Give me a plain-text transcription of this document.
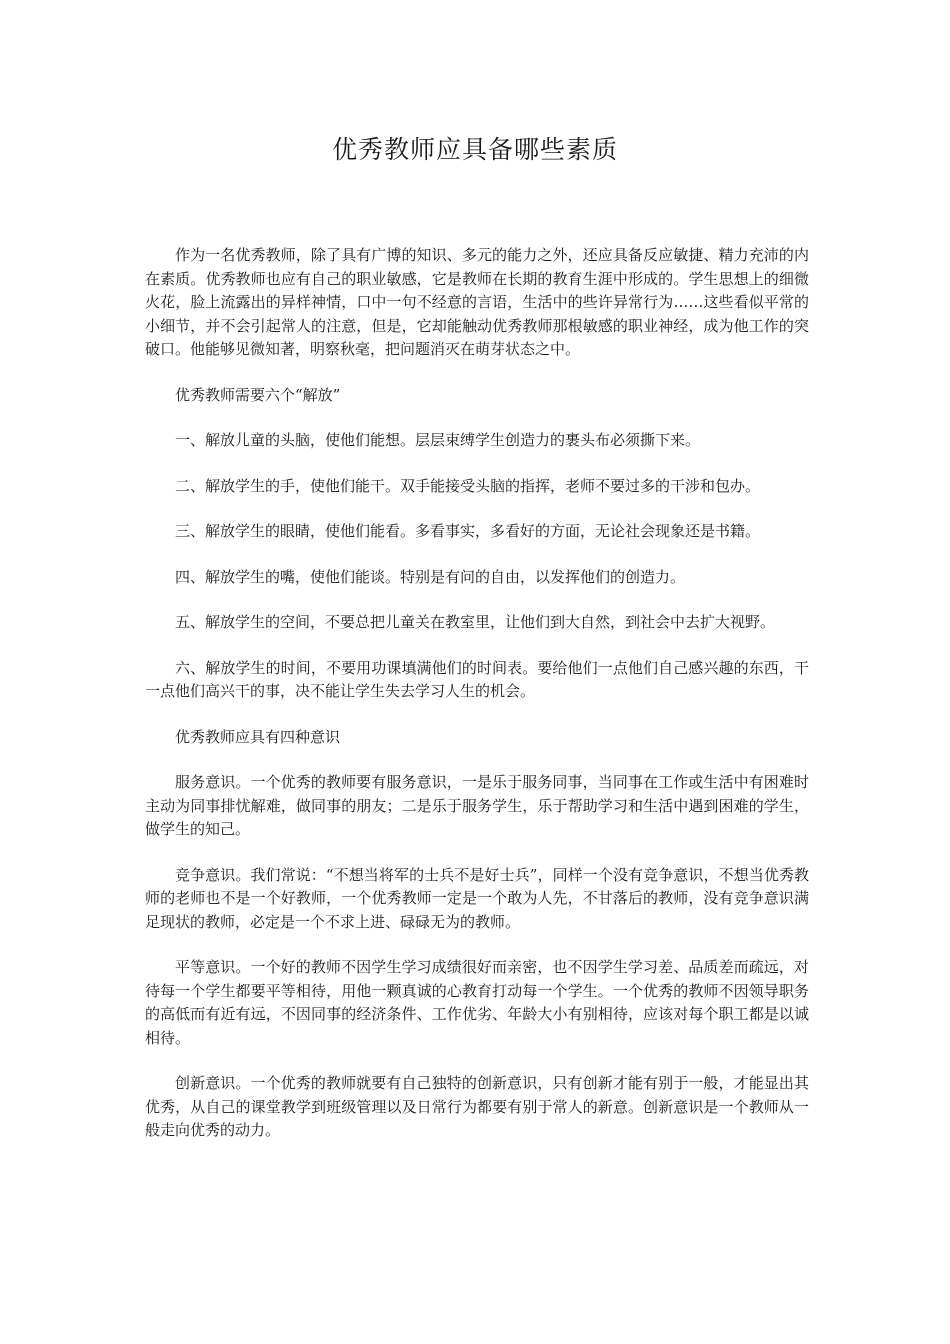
优秀教师应具备哪些素质

作为一名优秀教师，除了具有广博的知识、多元的能力之外，还应具备反应敏捷、精力充沛的内在素质。优秀教师也应有自己的职业敏感，它是教师在长期的教育生涯中形成的。学生思想上的细微火花，脸上流露出的异样神情，口中一句不经意的言语，生活中的些许异常行为……这些看似平常的小细节，并不会引起常人的注意，但是，它却能触动优秀教师那根敏感的职业神经，成为他工作的突破口。他能够见微知著，明察秋毫，把问题消灭在萌芽状态之中。

优秀教师需要六个“解放”

一、解放儿童的头脑，使他们能想。层层束缚学生创造力的裹头布必须撕下来。

二、解放学生的手，使他们能干。双手能接受头脑的指挥，老师不要过多的干涉和包办。

三、解放学生的眼睛，使他们能看。多看事实，多看好的方面，无论社会现象还是书籍。

四、解放学生的嘴，使他们能谈。特别是有问的自由，以发挥他们的创造力。

五、解放学生的空间，不要总把儿童关在教室里，让他们到大自然，到社会中去扩大视野。

六、解放学生的时间，不要用功课填满他们的时间表。要给他们一点他们自己感兴趣的东西，干一点他们高兴干的事，决不能让学生失去学习人生的机会。

优秀教师应具有四种意识

服务意识。一个优秀的教师要有服务意识，一是乐于服务同事，当同事在工作或生活中有困难时主动为同事排忧解难，做同事的朋友；二是乐于服务学生，乐于帮助学习和生活中遇到困难的学生，做学生的知己。

竞争意识。我们常说：“不想当将军的士兵不是好士兵”，同样一个没有竞争意识，不想当优秀教师的老师也不是一个好教师，一个优秀教师一定是一个敢为人先，不甘落后的教师，没有竞争意识满足现状的教师，必定是一个不求上进、碌碌无为的教师。

平等意识。一个好的教师不因学生学习成绩很好而亲密，也不因学生学习差、品质差而疏远，对待每一个学生都要平等相待，用他一颗真诚的心教育打动每一个学生。一个优秀的教师不因领导职务的高低而有近有远，不因同事的经济条件、工作优劣、年龄大小有别相待，应该对每个职工都是以诚相待。

创新意识。一个优秀的教师就要有自己独特的创新意识，只有创新才能有别于一般，才能显出其优秀，从自己的课堂教学到班级管理以及日常行为都要有别于常人的新意。创新意识是一个教师从一般走向优秀的动力。
